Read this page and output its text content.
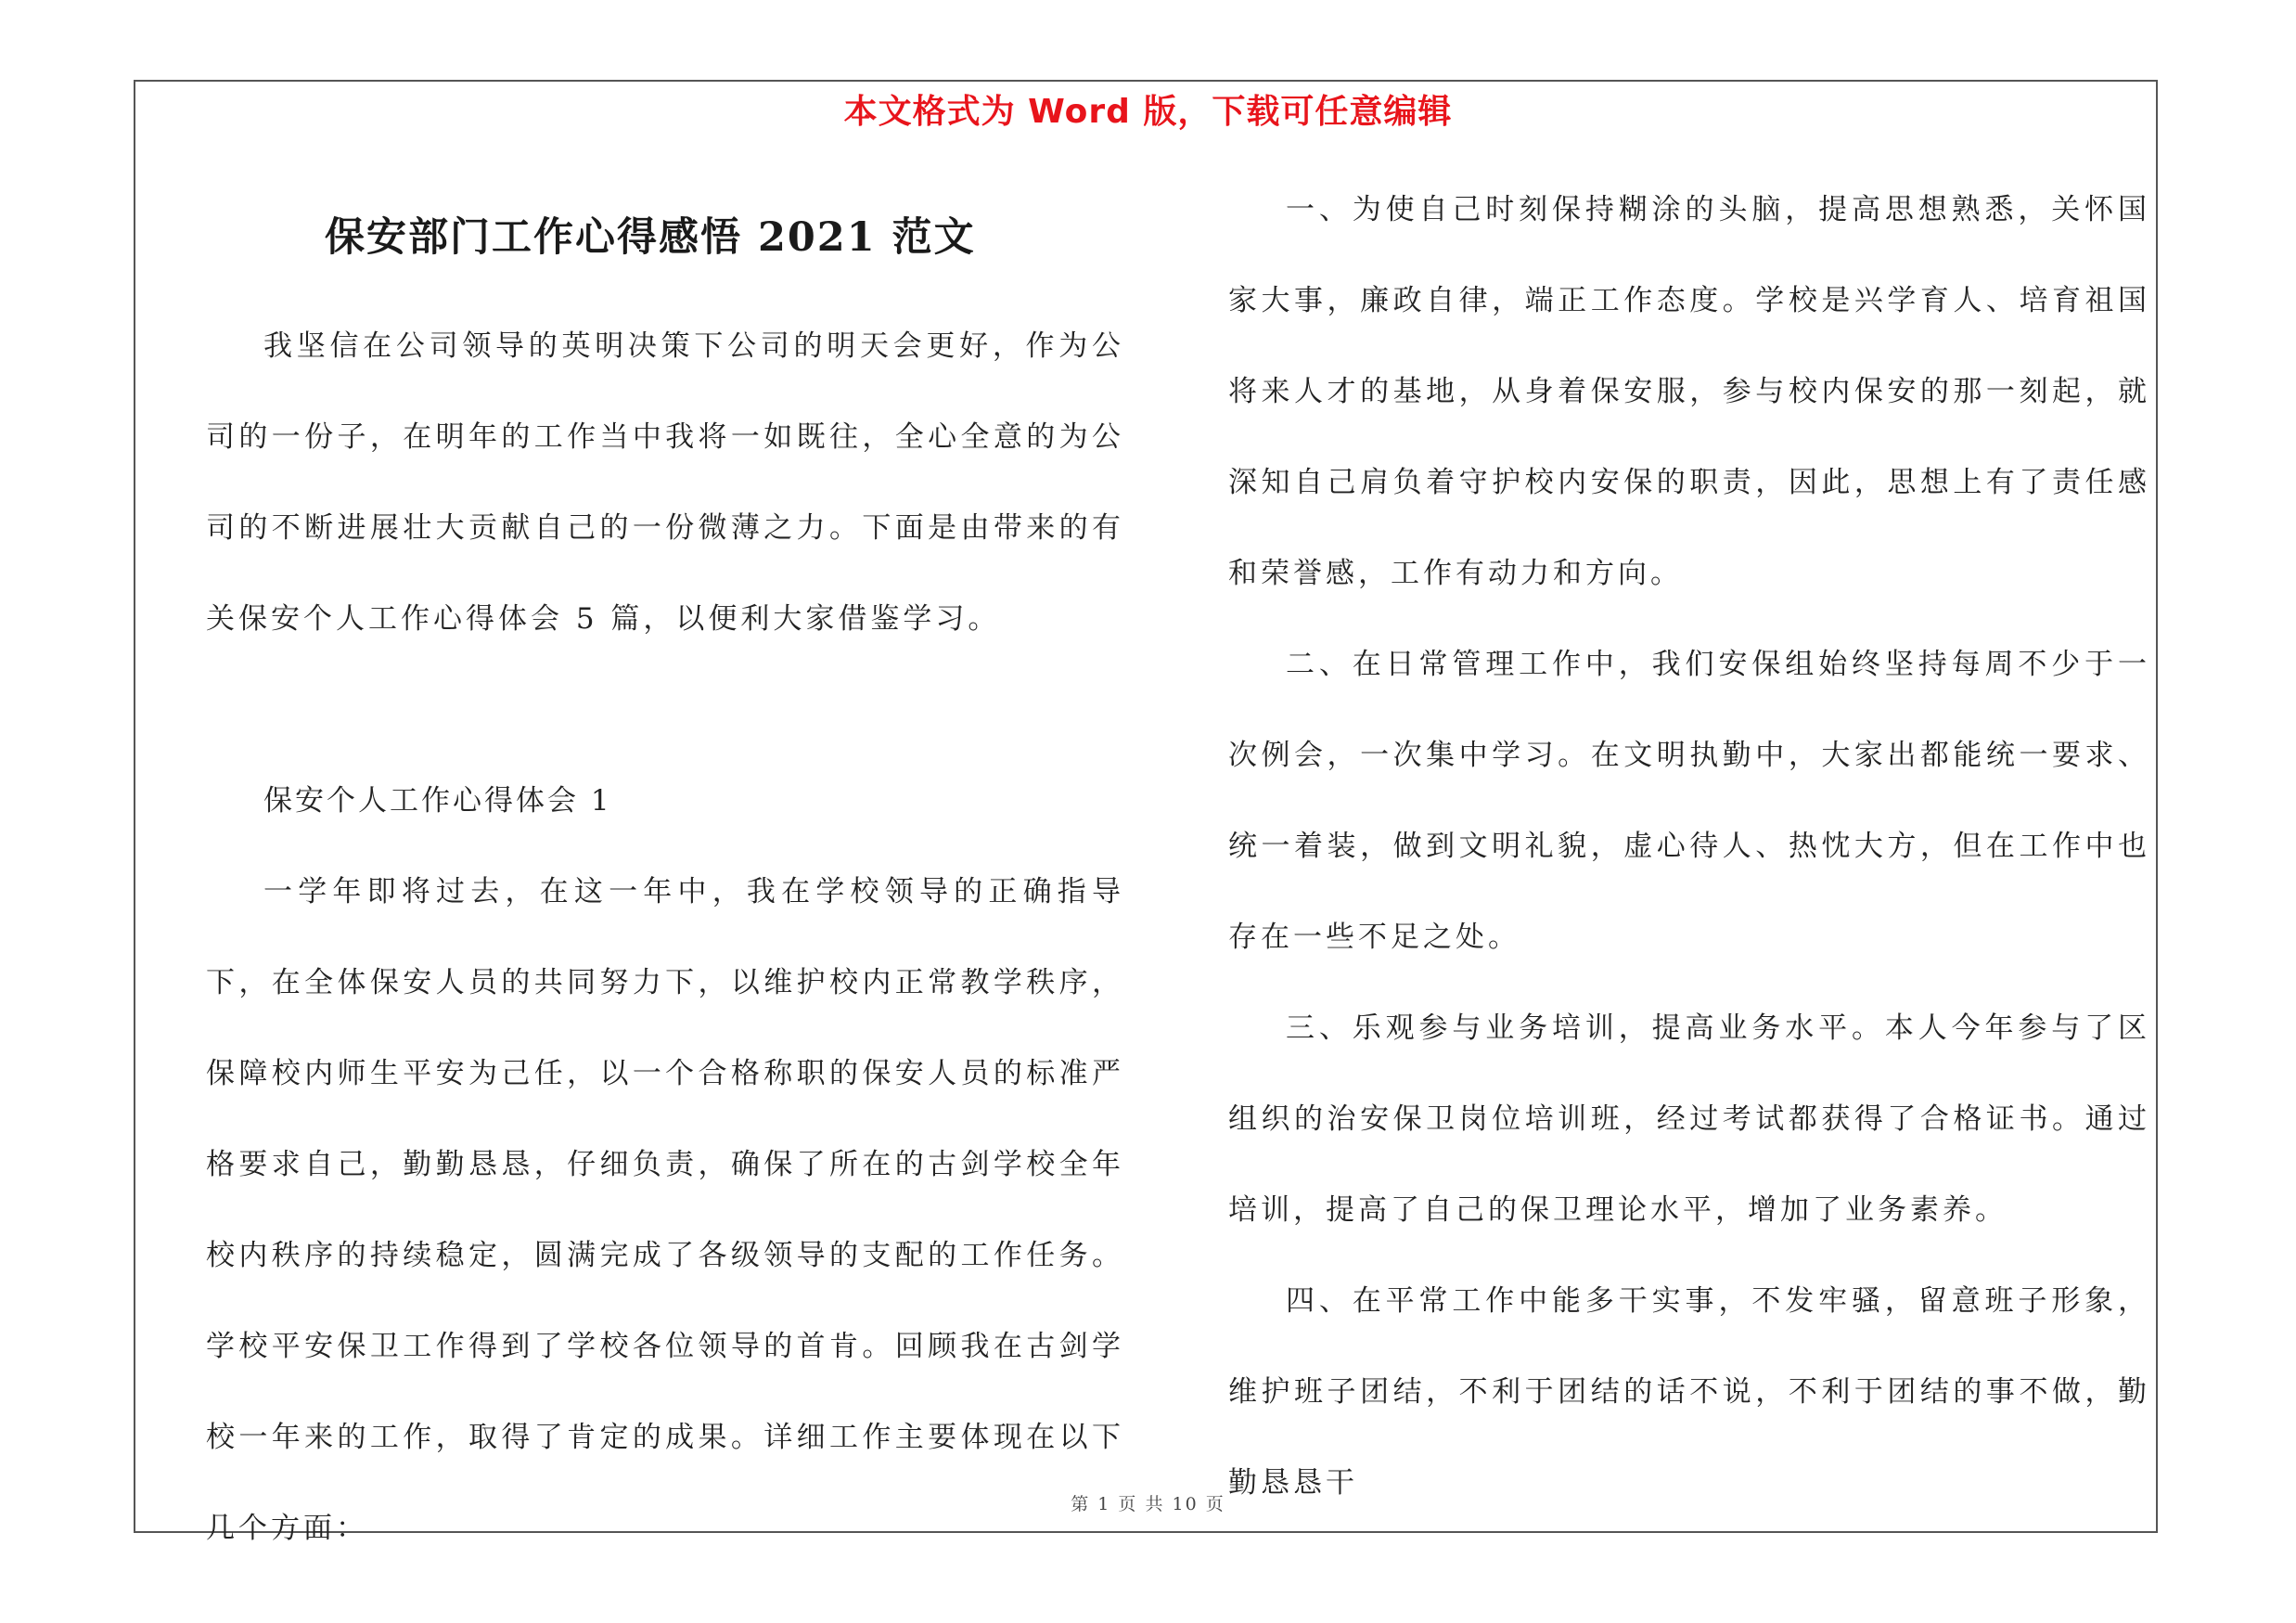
本文格式为 Word 版，下载可任意编辑
保安部门工作心得感悟 2021 范文

我坚信在公司领导的英明决策下公司的明天会更好，作为公司的一份子，在明年的工作当中我将一如既往，全心全意的为公司的不断进展壮大贡献自己的一份微薄之力。下面是由带来的有关保安个人工作心得体会 5 篇，以便利大家借鉴学习。

保安个人工作心得体会 1

一学年即将过去，在这一年中，我在学校领导的正确指导下，在全体保安人员的共同努力下，以维护校内正常教学秩序，保障校内师生平安为己任，以一个合格称职的保安人员的标准严格要求自己，勤勤恳恳，仔细负责，确保了所在的古剑学校全年校内秩序的持续稳定，圆满完成了各级领导的支配的工作任务。学校平安保卫工作得到了学校各位领导的首肯。回顾我在古剑学校一年来的工作，取得了肯定的成果。详细工作主要体现在以下几个方面：

一、为使自己时刻保持糊涂的头脑，提高思想熟悉，关怀国家大事，廉政自律，端正工作态度。学校是兴学育人、培育祖国将来人才的基地，从身着保安服，参与校内保安的那一刻起，就深知自己肩负着守护校内安保的职责，因此，思想上有了责任感和荣誉感，工作有动力和方向。

二、在日常管理工作中，我们安保组始终坚持每周不少于一次例会，一次集中学习。在文明执勤中，大家出都能统一要求、统一着装，做到文明礼貌，虚心待人、热忱大方，但在工作中也存在一些不足之处。

三、乐观参与业务培训，提高业务水平。本人今年参与了区组织的治安保卫岗位培训班，经过考试都获得了合格证书。通过培训，提高了自己的保卫理论水平，增加了业务素养。

四、在平常工作中能多干实事，不发牢骚，留意班子形象，维护班子团结，不利于团结的话不说，不利于团结的事不做，勤勤恳恳干

第 1 页 共 10 页
